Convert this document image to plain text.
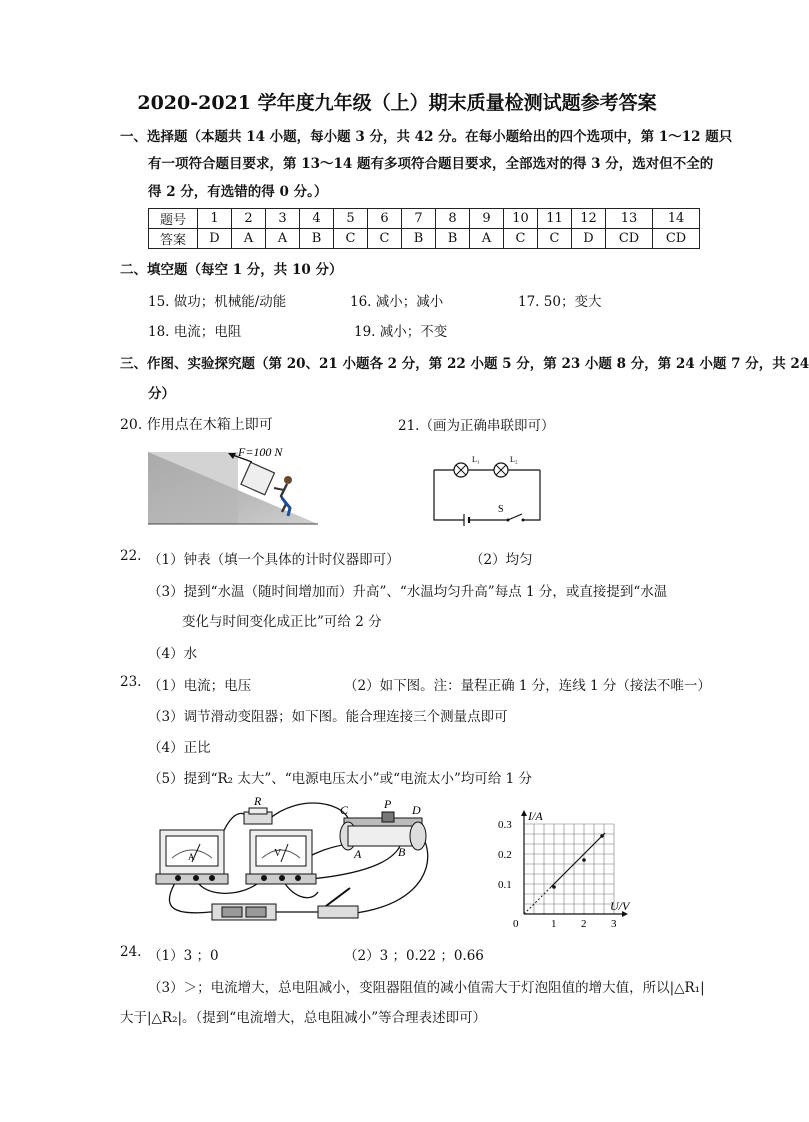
2020-2021 学年度九年级（上）期末质量检测试题参考答案
一、选择题（本题共 14 小题，每小题 3 分，共 42 分。在每小题给出的四个选项中，第 1～12 题只
有一项符合题目要求，第 13～14 题有多项符合题目要求，全部选对的得 3 分，选对但不全的
得 2 分，有选错的得 0 分。）
题号	1	2	3	4	5	6	7	8	9	10	11	12	13	14
答案	D	A	A	B	C	C	B	B	A	C	C	D	CD	CD
二、填空题（每空 1 分，共 10 分）
15. 做功；机械能/动能	16. 减小；减小	17. 50；变大
18. 电流；电阻	19. 减小；不变
三、作图、实验探究题（第 20、21 小题各 2 分，第 22 小题 5 分，第 23 小题 8 分，第 24 小题 7 分，共 24
分）
20. 作用点在木箱上即可
F=100 N
21.（画为正确串联即可）
S
L₁	L₂
22. （1）钟表（填一个具体的计时仪器即可）	（2）均匀
（3）提到“水温（随时间增加而）升高”、“水温均匀升高”每点 1 分，或直接提到“水温
变化与时间变化成正比”可给 2 分
（4）水
23. （1）电流；电压	（2）如下图。注：量程正确 1 分，连线 1 分（接法不唯一）
（3）调节滑动变阻器；如下图。能合理连接三个测量点即可
（4）正比
（5）提到“R₂ 太大”、“电源电压太小”或“电流太小”均可给 1 分
R
A	V
C	P D
A	B
0	1 2 3
0.1
0.2
0.3
U/V
I/A
24. （1）3 ；0	（2）3 ；0.22 ；0.66
（3）＞；电流增大，总电阻减小，变阻器阻值的减小值需大于灯泡阻值的增大值，所以|△R₁|
大于|△R₂|。（提到“电流增大，总电阻减小”等合理表述即可）
